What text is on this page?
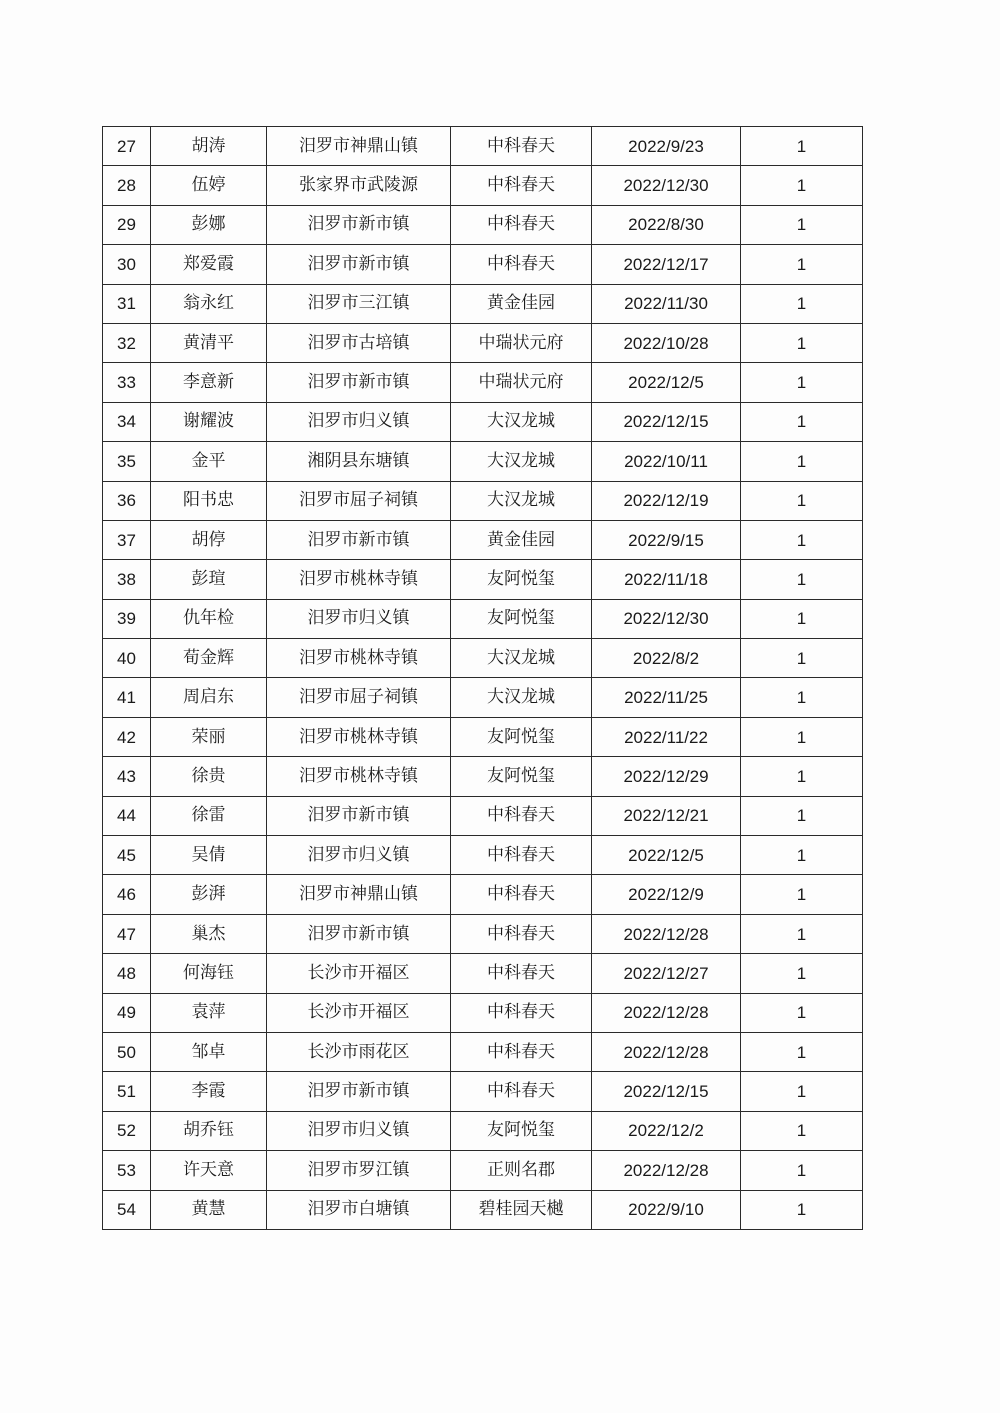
27	胡涛	汨罗市神鼎山镇	中科春天	2022/9/23	1
28	伍婷	张家界市武陵源	中科春天	2022/12/30	1
29	彭娜	汨罗市新市镇	中科春天	2022/8/30	1
30	郑爱霞	汨罗市新市镇	中科春天	2022/12/17	1
31	翁永红	汨罗市三江镇	黄金佳园	2022/11/30	1
32	黄清平	汨罗市古培镇	中瑞状元府	2022/10/28	1
33	李意新	汨罗市新市镇	中瑞状元府	2022/12/5	1
34	谢耀波	汨罗市归义镇	大汉龙城	2022/12/15	1
35	金平	湘阴县东塘镇	大汉龙城	2022/10/11	1
36	阳书忠	汨罗市屈子祠镇	大汉龙城	2022/12/19	1
37	胡停	汨罗市新市镇	黄金佳园	2022/9/15	1
38	彭瑄	汨罗市桃林寺镇	友阿悦玺	2022/11/18	1
39	仇年检	汨罗市归义镇	友阿悦玺	2022/12/30	1
40	荀金辉	汨罗市桃林寺镇	大汉龙城	2022/8/2	1
41	周启东	汨罗市屈子祠镇	大汉龙城	2022/11/25	1
42	荣丽	汨罗市桃林寺镇	友阿悦玺	2022/11/22	1
43	徐贵	汨罗市桃林寺镇	友阿悦玺	2022/12/29	1
44	徐雷	汨罗市新市镇	中科春天	2022/12/21	1
45	吴倩	汨罗市归义镇	中科春天	2022/12/5	1
46	彭湃	汨罗市神鼎山镇	中科春天	2022/12/9	1
47	巢杰	汨罗市新市镇	中科春天	2022/12/28	1
48	何海钰	长沙市开福区	中科春天	2022/12/27	1
49	袁萍	长沙市开福区	中科春天	2022/12/28	1
50	邹卓	长沙市雨花区	中科春天	2022/12/28	1
51	李霞	汨罗市新市镇	中科春天	2022/12/15	1
52	胡乔钰	汨罗市归义镇	友阿悦玺	2022/12/2	1
53	许天意	汨罗市罗江镇	正则名郡	2022/12/28	1
54	黄慧	汨罗市白塘镇	碧桂园天樾	2022/9/10	1
